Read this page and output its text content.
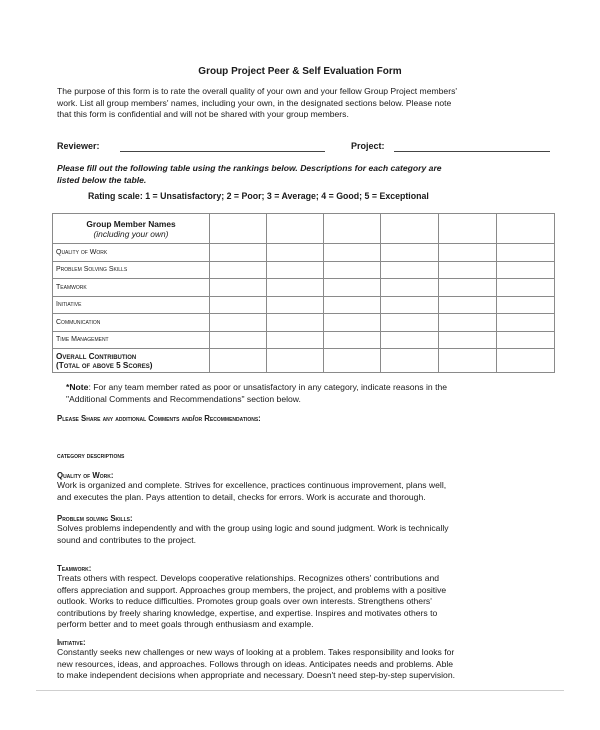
Group Project Peer & Self Evaluation Form
The purpose of this form is to rate the overall quality of your own and your fellow Group Project members'
work. List all group members' names, including your own, in the designated sections below. Please note
that this form is confidential and will not be shared with your group members.
Reviewer:	Project:
Please fill out the following table using the rankings below. Descriptions for each category are
listed below the table.
Rating scale: 1 = Unsatisfactory; 2 = Poor; 3 = Average; 4 = Good; 5 = Exceptional
Group Member Names
(including your own)						

Quality of Work						
Problem Solving Skills						
Teamwork						
Initiative						
Communication						
Time Management						

Overall Contribution
(Total of above 5 Scores)						

*Note: For any team member rated as poor or unsatisfactory in any category, indicate reasons in the
"Additional Comments and Recommendations" section below.
Please Share any additional Comments and/or Recommendations:
category descriptions
Quality of Work:
Work is organized and complete. Strives for excellence, practices continuous improvement, plans well,
and executes the plan. Pays attention to detail, checks for errors. Work is accurate and thorough.
Problem solving Skills:
Solves problems independently and with the group using logic and sound judgment. Work is technically
sound and contributes to the project.
Teamwork:
Treats others with respect. Develops cooperative relationships. Recognizes others' contributions and
offers appreciation and support. Approaches group members, the project, and problems with a positive
outlook. Works to reduce difficulties. Promotes group goals over own interests. Strengthens others'
contributions by freely sharing knowledge, expertise, and expertise. Inspires and motivates others to
perform better and to meet goals through enthusiasm and example.
Initiative:
Constantly seeks new challenges or new ways of looking at a problem. Takes responsibility and looks for
new resources, ideas, and approaches. Follows through on ideas. Anticipates needs and problems. Able
to make independent decisions when appropriate and necessary. Doesn't need step-by-step supervision.
